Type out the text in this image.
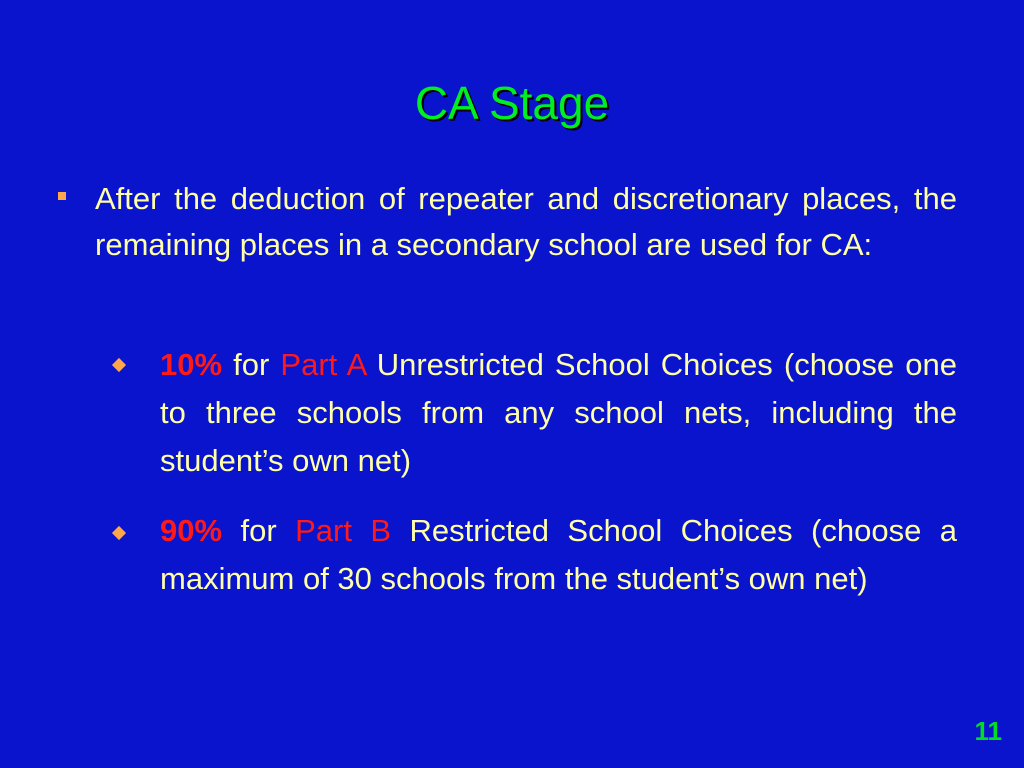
CA Stage

After the deduction of repeater and discretionary places, the remaining places in a secondary school are used for CA:

10% for Part A Unrestricted School Choices (choose one to three schools from any school nets, including the student’s own net)

90% for Part B Restricted School Choices (choose a maximum of 30 schools from the student’s own net)

11
